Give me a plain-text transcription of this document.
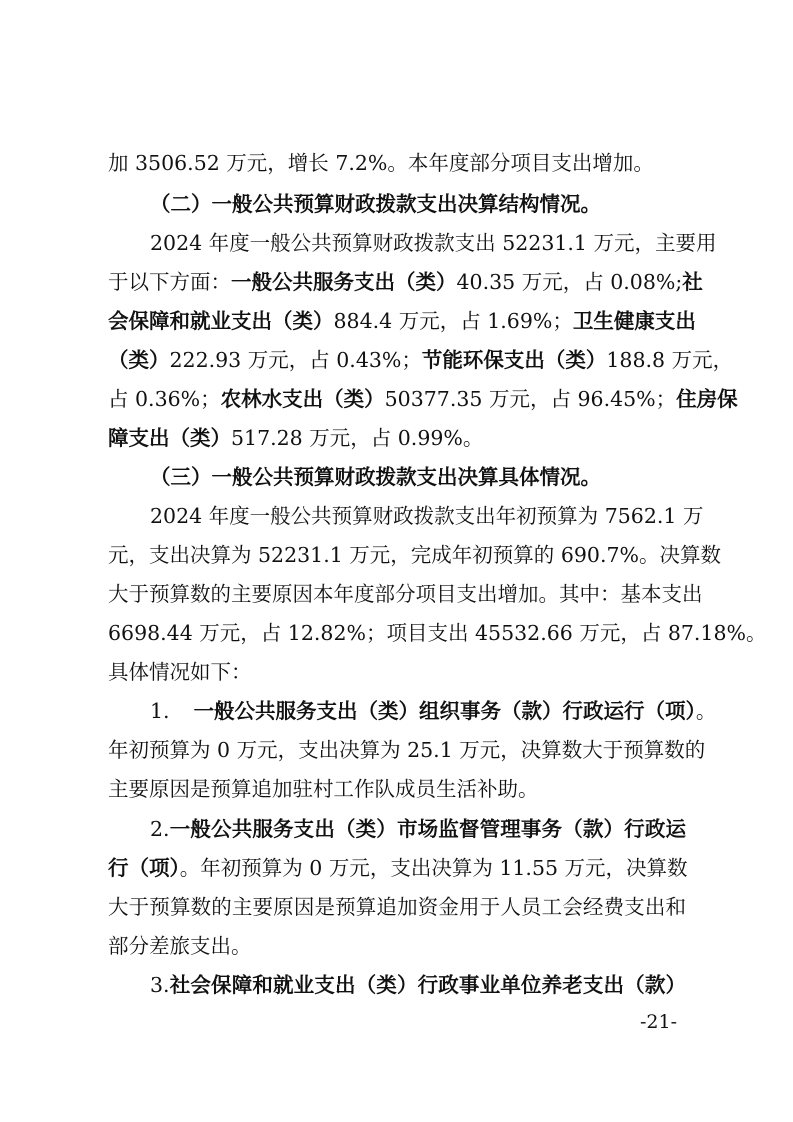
加 3506.52 万元，增长 7.2%。本年度部分项目支出增加。
（二）一般公共预算财政拨款支出决算结构情况。
2024 年度一般公共预算财政拨款支出 52231.1 万元，主要用
于以下方面：一般公共服务支出（类）40.35 万元，占 0.08%;社
会保障和就业支出（类）884.4 万元，占 1.69%；卫生健康支出
（类）222.93 万元，占 0.43%；节能环保支出（类）188.8 万元，
占 0.36%；农林水支出（类）50377.35 万元，占 96.45%；住房保
障支出（类）517.28 万元，占 0.99%。
（三）一般公共预算财政拨款支出决算具体情况。
2024 年度一般公共预算财政拨款支出年初预算为 7562.1 万
元，支出决算为 52231.1 万元，完成年初预算的 690.7%。决算数
大于预算数的主要原因本年度部分项目支出增加。其中：基本支出
6698.44 万元，占 12.82%；项目支出 45532.66 万元，占 87.18%。
具体情况如下：
1. 一般公共服务支出（类）组织事务（款）行政运行（项）。
年初预算为 0 万元，支出决算为 25.1 万元，决算数大于预算数的
主要原因是预算追加驻村工作队成员生活补助。
2.一般公共服务支出（类）市场监督管理事务（款）行政运
行（项）。年初预算为 0 万元，支出决算为 11.55 万元，决算数
大于预算数的主要原因是预算追加资金用于人员工会经费支出和
部分差旅支出。
3.社会保障和就业支出（类）行政事业单位养老支出（款）
-21-
